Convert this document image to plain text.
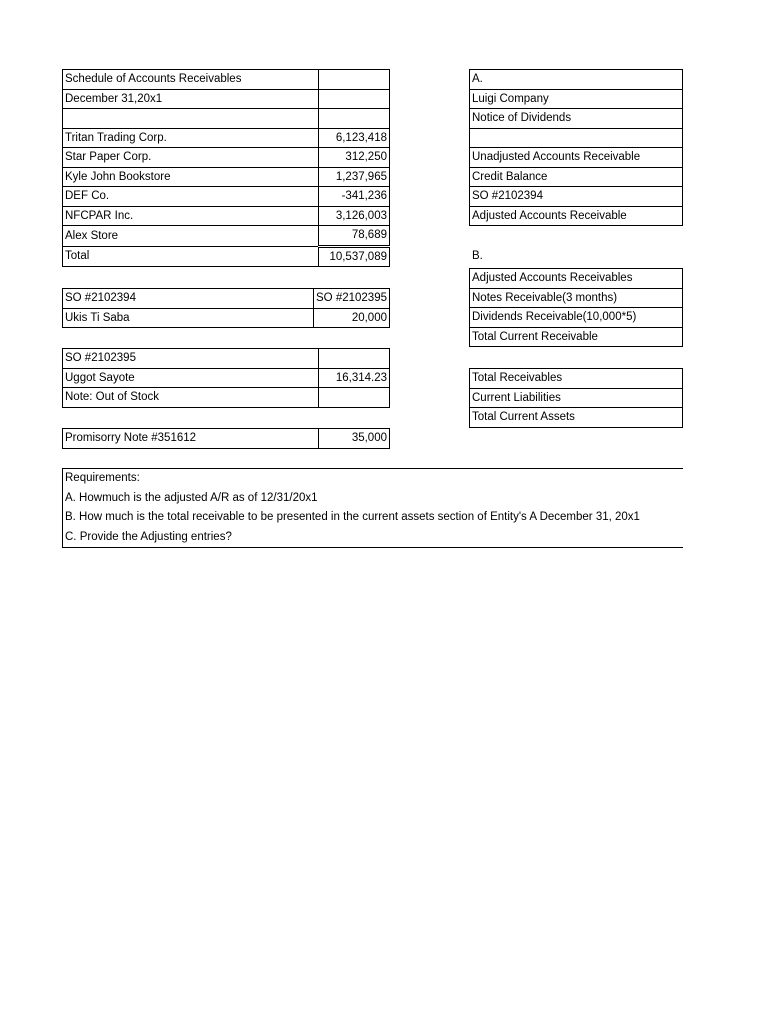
Schedule of Accounts Receivables	
December 31,20x1	

Tritan Trading Corp.	6,123,418
Star Paper Corp.	312,250
Kyle John Bookstore	1,237,965
DEF Co.	-341,236
NFCPAR Inc.	3,126,003
Alex Store	78,689
Total	10,537,089
SO #2102394	SO #2102395
Ukis Ti Saba	20,000
SO #2102395	
Uggot Sayote	16,314.23
Note: Out of Stock	
Promisorry Note #351612	35,000
A.
Luigi Company
Notice of Dividends

Unadjusted Accounts Receivable
Credit Balance
SO #2102394
Adjusted Accounts Receivable
B.
Adjusted Accounts Receivables
Notes Receivable(3 months)
Dividends Receivable(10,000*5)
Total Current Receivable
Total Receivables
Current Liabilities
Total Current Assets
Requirements:
A. Howmuch is the adjusted A/R as of 12/31/20x1
B. How much is the total receivable to be presented in the current assets section of Entity's A December 31, 20x1
C. Provide the Adjusting entries?
